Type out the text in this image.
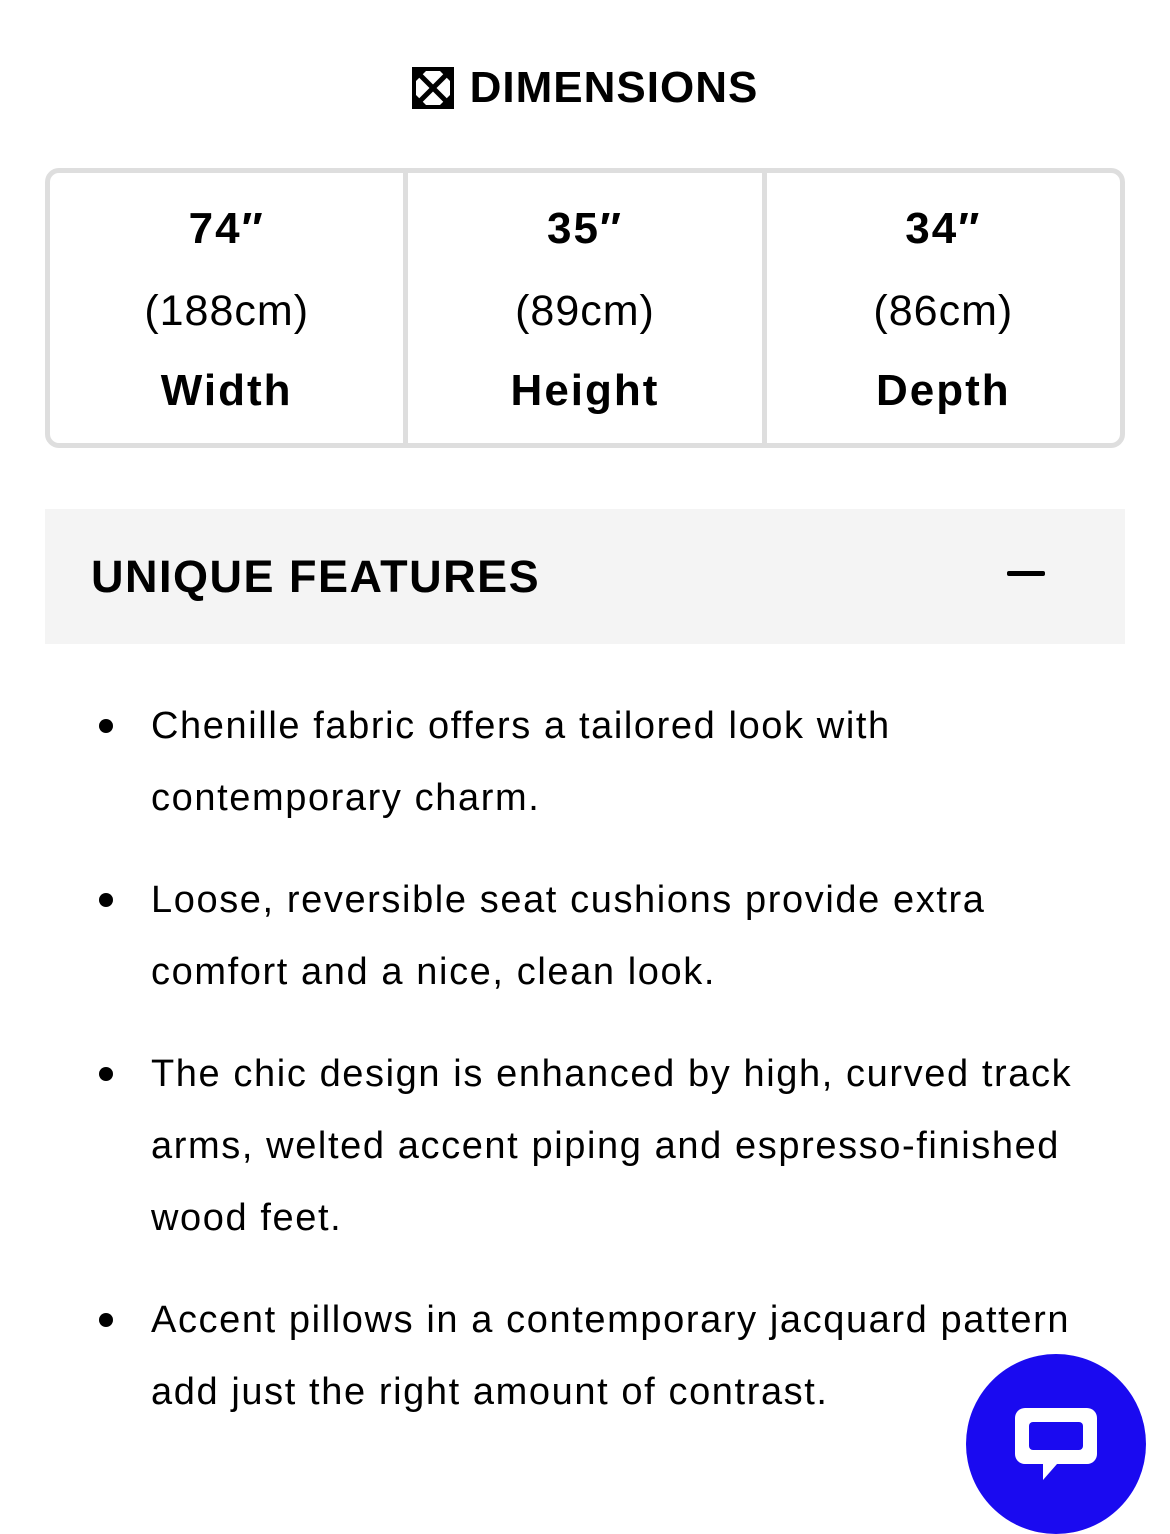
DIMENSIONS
74″
(188cm)
Width
35″
(89cm)
Height
34″
(86cm)
Depth
UNIQUE FEATURES
Chenille fabric offers a tailored look with contemporary charm.
Loose, reversible seat cushions provide extra comfort and a nice, clean look.
The chic design is enhanced by high, curved track arms, welted accent piping and espresso-finished wood feet.
Accent pillows in a contemporary jacquard pattern add just the right amount of contrast.
